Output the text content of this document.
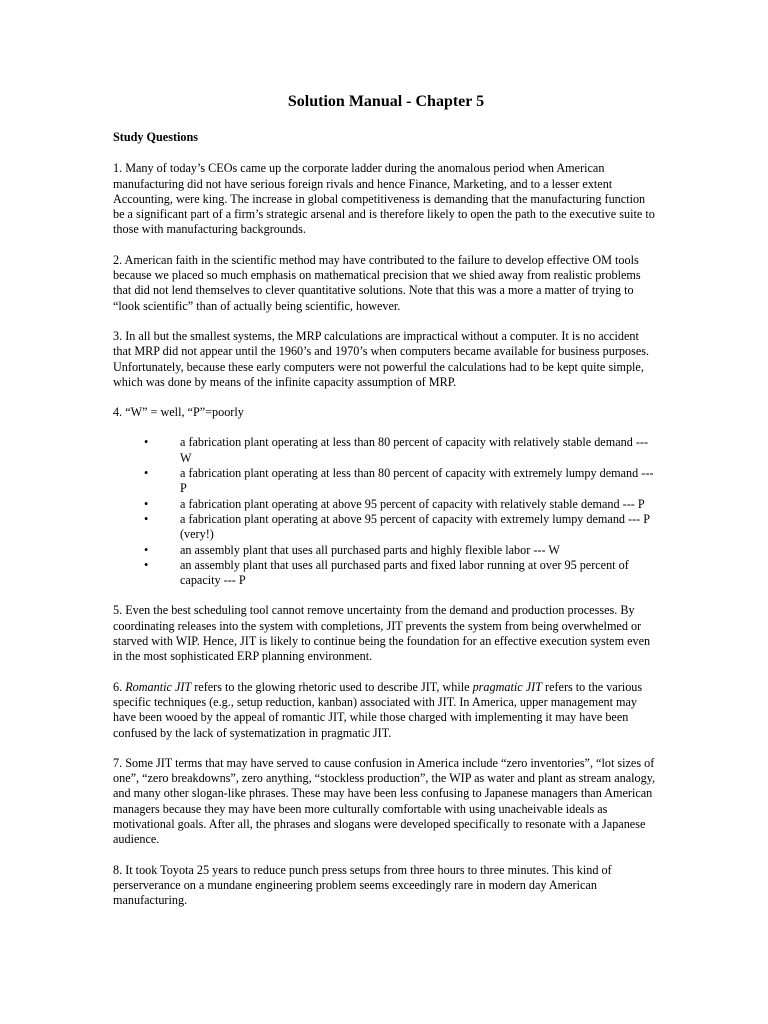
Solution Manual - Chapter 5
Study Questions

1. Many of today’s CEOs came up the corporate ladder during the anomalous period when American manufacturing did not have serious foreign rivals and hence Finance, Marketing, and to a lesser extent Accounting, were king. The increase in global competitiveness is demanding that the manufacturing function be a significant part of a firm’s strategic arsenal and is therefore likely to open the path to the executive suite to those with manufacturing backgrounds.

2. American faith in the scientific method may have contributed to the failure to develop effective OM tools because we placed so much emphasis on mathematical precision that we shied away from realistic problems that did not lend themselves to clever quantitative solutions. Note that this was a more a matter of trying to “look scientific” than of actually being scientific, however.

3. In all but the smallest systems, the MRP calculations are impractical without a computer. It is no accident that MRP did not appear until the 1960’s and 1970’s when computers became available for business purposes. Unfortunately, because these early computers were not powerful the calculations had to be kept quite simple, which was done by means of the infinite capacity assumption of MRP.

4. “W” = well, “P”=poorly

•	a fabrication plant operating at less than 80 percent of capacity with relatively stable demand --- W
•	a fabrication plant operating at less than 80 percent of capacity with extremely lumpy demand --- P
•	a fabrication plant operating at above 95 percent of capacity with relatively stable demand --- P
•	a fabrication plant operating at above 95 percent of capacity with extremely lumpy demand --- P (very!)
•	an assembly plant that uses all purchased parts and highly flexible labor --- W
•	an assembly plant that uses all purchased parts and fixed labor running at over 95 percent of capacity --- P

5. Even the best scheduling tool cannot remove uncertainty from the demand and production processes. By coordinating releases into the system with completions, JIT prevents the system from being overwhelmed or starved with WIP. Hence, JIT is likely to continue being the foundation for an effective execution system even in the most sophisticated ERP planning environment.

6. Romantic JIT refers to the glowing rhetoric used to describe JIT, while pragmatic JIT refers to the various specific techniques (e.g., setup reduction, kanban) associated with JIT. In America, upper management may have been wooed by the appeal of romantic JIT, while those charged with implementing it may have been confused by the lack of systematization in pragmatic JIT.

7. Some JIT terms that may have served to cause confusion in America include “zero inventories”, “lot sizes of one”, “zero breakdowns”, zero anything, “stockless production”, the WIP as water and plant as stream analogy, and many other slogan-like phrases. These may have been less confusing to Japanese managers than American managers because they may have been more culturally comfortable with using unacheivable ideals as motivational goals. After all, the phrases and slogans were developed specifically to resonate with a Japanese audience.

8. It took Toyota 25 years to reduce punch press setups from three hours to three minutes. This kind of perserverance on a mundane engineering problem seems exceedingly rare in modern day American manufacturing.
